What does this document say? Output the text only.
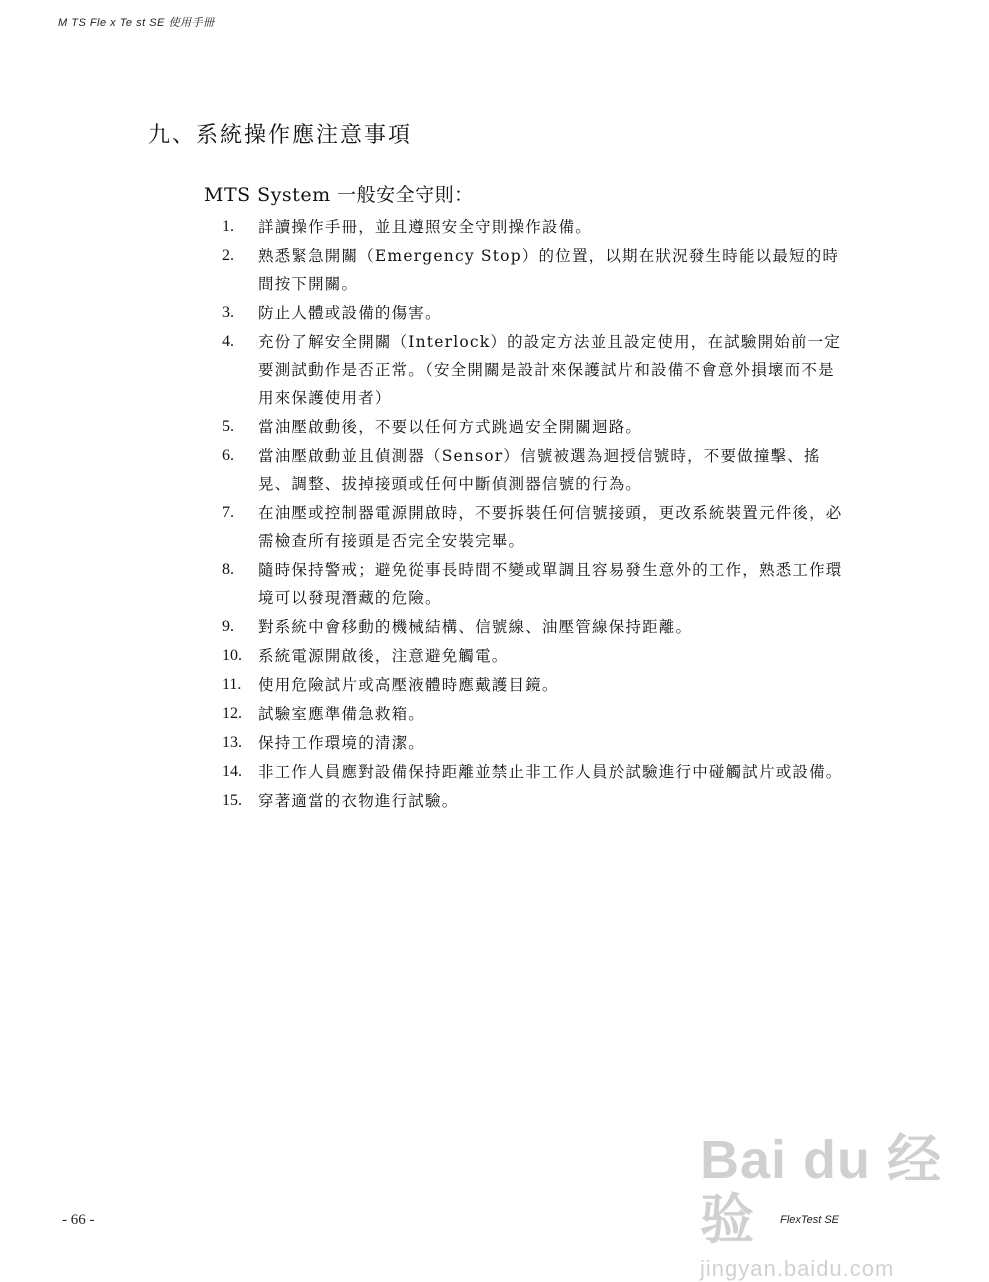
M TS Fle x Te st SE 使用手冊
九、系統操作應注意事項
MTS System 一般安全守則：
1.	詳讀操作手冊，並且遵照安全守則操作設備。
2.	熟悉緊急開關（Emergency Stop）的位置，以期在狀況發生時能以最短的時間按下開關。
3.	防止人體或設備的傷害。
4.	充份了解安全開關（Interlock）的設定方法並且設定使用，在試驗開始前一定要測試動作是否正常。（安全開關是設計來保護試片和設備不會意外損壞而不是用來保護使用者）
5.	當油壓啟動後，不要以任何方式跳過安全開關迴路。
6.	當油壓啟動並且偵測器（Sensor）信號被選為迴授信號時，不要做撞擊、搖晃、調整、拔掉接頭或任何中斷偵測器信號的行為。
7.	在油壓或控制器電源開啟時，不要拆裝任何信號接頭，更改系統裝置元件後，必需檢查所有接頭是否完全安裝完畢。
8.	隨時保持警戒；避免從事長時間不變或單調且容易發生意外的工作，熟悉工作環境可以發現潛藏的危險。
9.	對系統中會移動的機械結構、信號線、油壓管線保持距離。
10.	系統電源開啟後，注意避免觸電。
11.	使用危險試片或高壓液體時應戴護目鏡。
12.	試驗室應準備急救箱。
13.	保持工作環境的清潔。
14.	非工作人員應對設備保持距離並禁止非工作人員於試驗進行中碰觸試片或設備。
15.	穿著適當的衣物進行試驗。
- 66 -	FlexTest SE
Bai du 经验
jingyan.baidu.com
